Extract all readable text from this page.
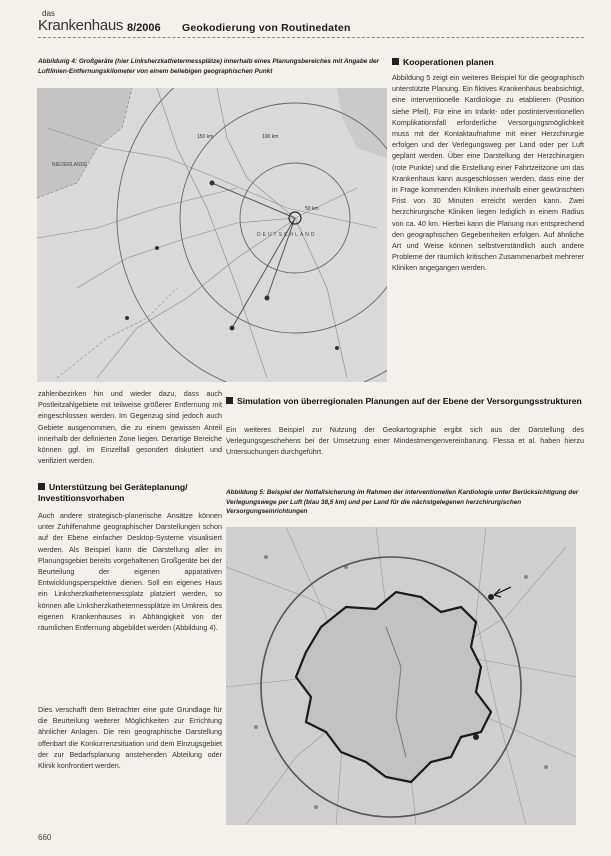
das
Krankenhaus 8/2006 Geokodierung von Routinedaten
Abbildung 4: Großgeräte (hier Linksherzkathetermessplätze) innerhalb eines Planungsbereiches mit Angabe der Luftlinien-Entfernungskilometer von einem beliebigen geographischen Punkt
NIEDERLANDE
DEUTSCHLAND
50 km
100 km
150 km
Kooperationen planen
Abbildung 5 zeigt ein weiteres Beispiel für die geographisch unterstützte Planung. Ein fiktives Krankenhaus beabsichtigt, eine interventionelle Kardiologie zu etablieren (Position siehe Pfeil). Für eine im Infarkt- oder postinterventionellen Komplikationsfall erforderliche Versorgungsmöglichkeit muss mit der Kontaktaufnahme mit einer Herzchirurgie erfolgen und der Verlegungsweg per Land oder per Luft geplant werden. Über eine Darstellung der Herzchirurgien (rote Punkte) und die Erstellung einer Fahrtzeitzone um das Krankenhaus kann ausgeschlossen werden, dass eine der in Frage kommenden Kliniken innerhalb einer gewünschten Frist von 30 Minuten erreicht werden kann. Zwei herzchirurgische Kliniken liegen lediglich in einem Radius von ca. 40 km. Hierbei kann die Planung nun entsprechend den geographischen Gegebenheiten erfolgen. Auf ähnliche Art und Weise können selbstverständlich auch andere Probleme der räumlich kritischen Zusammenarbeit mehrerer Kliniken angegangen werden.
zahlenbezirken hin und wieder dazu, dass auch Postleitzahlgebiete mit teilweise größerer Entfernung mit eingeschlossen werden. Im Gegenzug sind jedoch auch Gebiete ausgenommen, die zu einem gewissen Anteil innerhalb der definierten Zone liegen. Derartige Bereiche können ggf. im Einzelfall gesondert diskutiert und verifiziert werden.
Simulation von überregionalen Planungen auf der Ebene der Versorgungsstrukturen
Ein weiteres Beispiel zur Nutzung der Geokartographie ergibt sich aus der Darstellung des Verlegungsgeschehens bei der Umsetzung einer Mindestmengenvereinbarung. Flessa et al. haben hierzu Untersuchungen durchgeführt.
Unterstützung bei Geräteplanung/ Investitionsvorhaben
Auch andere strategisch-planerische Ansätze können unter Zuhilfenahme geographischer Darstellungen schon auf der Ebene einfacher Desktop-Systeme visualisiert werden. Als Beispiel kann die Darstellung aller im Planungsgebiet bereits vorgehaltenen Großgeräte bei der Beurteilung der eigenen apparativen Entwicklungsperspektive dienen. Soll ein eigenes Haus ein Linksherzkathetermessplatz platziert werden, so können alle Linksherzkathetermessplätze im Umkreis des eigenen Krankenhauses in Abhängigkeit von der räumlichen Entfernung abgebildet werden (Abbildung 4).
Dies verschafft dem Betrachter eine gute Grundlage für die Beurteilung weiterer Möglichkeiten zur Errichtung ähnlicher Anlagen. Die rein geographische Darstellung offenbart die Konkurrenzsituation und dem Einzugsgebiet der zur Bedarfsplanung anstehenden Abteilung oder Klinik konfrontiert werden.
Abbildung 5: Beispiel der Notfallsicherung im Rahmen der interventionellen Kardiologie unter Berücksichtigung der Verlegungswege per Luft (blau 38,5 km) und per Land für die nächstgelegenen herzchirurgischen Versorgungseinrichtungen
660
